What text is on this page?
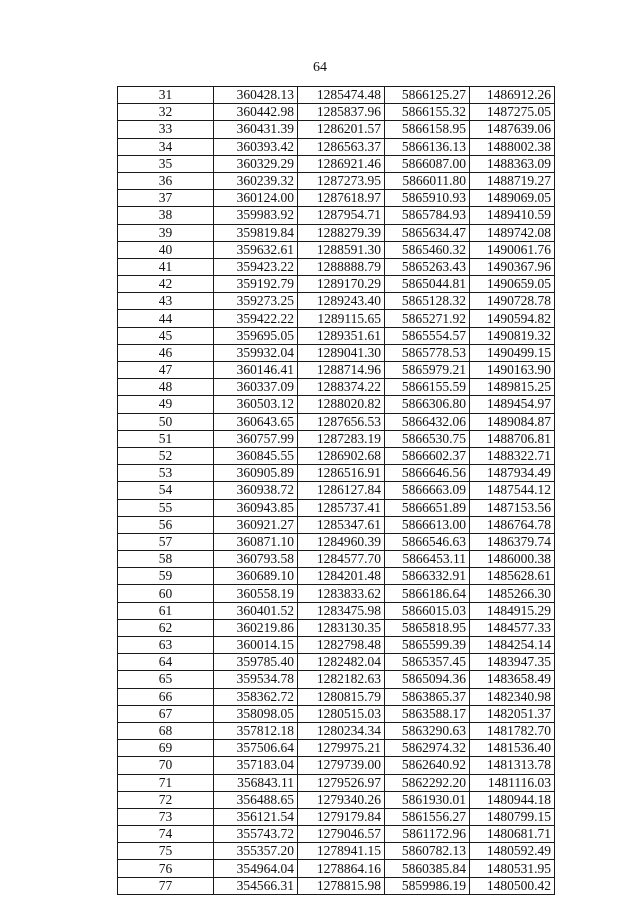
64
31	360428.13	1285474.48	5866125.27	1486912.26
32	360442.98	1285837.96	5866155.32	1487275.05
33	360431.39	1286201.57	5866158.95	1487639.06
34	360393.42	1286563.37	5866136.13	1488002.38
35	360329.29	1286921.46	5866087.00	1488363.09
36	360239.32	1287273.95	5866011.80	1488719.27
37	360124.00	1287618.97	5865910.93	1489069.05
38	359983.92	1287954.71	5865784.93	1489410.59
39	359819.84	1288279.39	5865634.47	1489742.08
40	359632.61	1288591.30	5865460.32	1490061.76
41	359423.22	1288888.79	5865263.43	1490367.96
42	359192.79	1289170.29	5865044.81	1490659.05
43	359273.25	1289243.40	5865128.32	1490728.78
44	359422.22	1289115.65	5865271.92	1490594.82
45	359695.05	1289351.61	5865554.57	1490819.32
46	359932.04	1289041.30	5865778.53	1490499.15
47	360146.41	1288714.96	5865979.21	1490163.90
48	360337.09	1288374.22	5866155.59	1489815.25
49	360503.12	1288020.82	5866306.80	1489454.97
50	360643.65	1287656.53	5866432.06	1489084.87
51	360757.99	1287283.19	5866530.75	1488706.81
52	360845.55	1286902.68	5866602.37	1488322.71
53	360905.89	1286516.91	5866646.56	1487934.49
54	360938.72	1286127.84	5866663.09	1487544.12
55	360943.85	1285737.41	5866651.89	1487153.56
56	360921.27	1285347.61	5866613.00	1486764.78
57	360871.10	1284960.39	5866546.63	1486379.74
58	360793.58	1284577.70	5866453.11	1486000.38
59	360689.10	1284201.48	5866332.91	1485628.61
60	360558.19	1283833.62	5866186.64	1485266.30
61	360401.52	1283475.98	5866015.03	1484915.29
62	360219.86	1283130.35	5865818.95	1484577.33
63	360014.15	1282798.48	5865599.39	1484254.14
64	359785.40	1282482.04	5865357.45	1483947.35
65	359534.78	1282182.63	5865094.36	1483658.49
66	358362.72	1280815.79	5863865.37	1482340.98
67	358098.05	1280515.03	5863588.17	1482051.37
68	357812.18	1280234.34	5863290.63	1481782.70
69	357506.64	1279975.21	5862974.32	1481536.40
70	357183.04	1279739.00	5862640.92	1481313.78
71	356843.11	1279526.97	5862292.20	1481116.03
72	356488.65	1279340.26	5861930.01	1480944.18
73	356121.54	1279179.84	5861556.27	1480799.15
74	355743.72	1279046.57	5861172.96	1480681.71
75	355357.20	1278941.15	5860782.13	1480592.49
76	354964.04	1278864.16	5860385.84	1480531.95
77	354566.31	1278815.98	5859986.19	1480500.42
